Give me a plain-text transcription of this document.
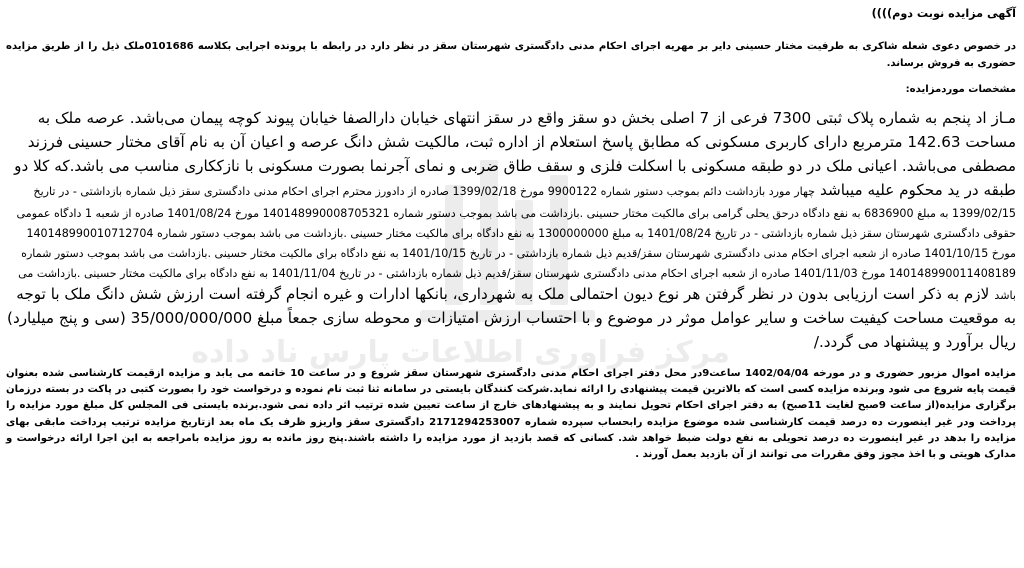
مرکز فراوری اطلاعات پارس ناد داده
آگهی مزایده نوبت دوم))))
در خصوص دعوی شعله شاکری به طرفیت مختار حسینی دایر بر مهریه اجرای احکام مدنی دادگستری شهرستان سقز در نظر دارد در رابطه با پرونده اجرایی بکلاسه 0101686ملک ذیل را از طریق مزایده حضوری به فروش برساند.
مشخصات موردمزایده:
مـاز اد پنجم به شماره پلاک ثبتی 7300 فرعی از 7 اصلی بخش دو سقز واقع در سقز انتهای خیابان دارالصفا خیابان پیوند کوچه پیمان می‌باشد. عرصه ملک به مساحت 142.63 مترمربع دارای کاربری مسکونی که مطابق پاسخ استعلام از اداره ثبت، مالکیت شش دانگ عرصه و اعیان آن به نام آقای مختار حسینی فرزند مصطفی می‌باشد. اعیانی ملک در دو طبقه مسکونی با اسکلت فلزی و سقف طاق ضربی و نمای آجرنما بصورت مسکونی با نازککاری مناسب می باشد.که کلا دو طبقه در ید محکوم علیه میباشد چهار مورد بازداشت دائم بموجب دستور شماره 9900122 مورخ 1399/02/18 صادره از دادورز محترم اجرای احکام مدنی دادگستری سقز ذیل شماره بازداشتی - در تاریخ 1399/02/15 به مبلغ 6836900 به نفع دادگاه درحق یحلی گرامی برای مالکیت مختار حسینی .بازداشت می باشد بموجب دستور شماره 140148990008705321 مورخ 1401/08/24 صادره از شعبه 1 دادگاه عمومی حقوقی دادگستری شهرستان سقز ذیل شماره بازداشتی - در تاریخ 1401/08/24 به مبلغ 1300000000 به نفع دادگاه برای مالکیت مختار حسینی .بازداشت می باشد بموجب دستور شماره 140148990010712704 مورخ 1401/10/15 صادره از شعبه اجرای احکام مدنی دادگستری شهرستان سقز/قدیم ذیل شماره بازداشتی - در تاریخ 1401/10/15 به نفع دادگاه برای مالکیت مختار حسینی .بازداشت می باشد بموجب دستور شماره 140148990011408189 مورخ 1401/11/03 صادره از شعبه اجرای احکام مدنی دادگستری شهرستان سقز/قدیم ذیل شماره بازداشتی - در تاریخ 1401/11/04 به نفع دادگاه برای مالکیت مختار حسینی .بازداشت می باشد لازم به ذکر است ارزیابی بدون در نظر گرفتن هر نوع دیون احتمالی ملک به شهرداری، بانکها ادارات و غیره انجام گرفته است ارزش شش دانگ ملک با توجه به موقعیت مساحت کیفیت ساخت و سایر عوامل موثر در موضوع و با احتساب ارزش امتیازات و محوطه سازی جمعاً مبلغ 35/000/000/000 (سی و پنج میلیارد) ریال برآورد و پیشنهاد می گردد./
مزایده اموال مزبور حضوری و در مورخه 1402/04/04 ساعت9در محل دفتر اجرای احکام مدنی دادگستری شهرستان سقز شروع و در ساعت 10 خاتمه می یابد و مزایده ازقیمت کارشناسی شده بعنوان قیمت پایه شروع می شود وبرنده مزایده کسی است که بالاترین قیمت پیشنهادی را ارائه نماید.شرکت کنندگان بایستی در سامانه ثنا ثبت نام نموده و درخواست خود را بصورت کتبی در پاکت در بسته درزمان برگزاری مزایده(از ساعت 9صبح لغایت 11صبح) به دفتر اجرای احکام تحویل نمایند و به پیشنهادهای خارج از ساعت تعیین شده ترتیب اثر داده نمی شود.برنده بایستی فی المجلس کل مبلغ مورد مزایده را پرداخت ودر غیر اینصورت ده درصد قیمت کارشناسی شده موضوع مزایده رابحساب سپرده شماره 2171294253007 دادگستری سقز واریزو ظرف یک ماه بعد ازتاریخ مزایده ترتیب پرداخت مابقی بهای مزایده را بدهد در غیر اینصورت ده درصد تحویلی به نفع دولت ضبط خواهد شد. کسانی که قصد بازدید از مورد مزایده را داشته باشند.پنج روز مانده به روز مزایده بامراجعه به این اجرا ارائه درخواست و مدارک هویتی و با اخذ مجوز وفق مقررات می توانند از آن بازدید بعمل آورند .
